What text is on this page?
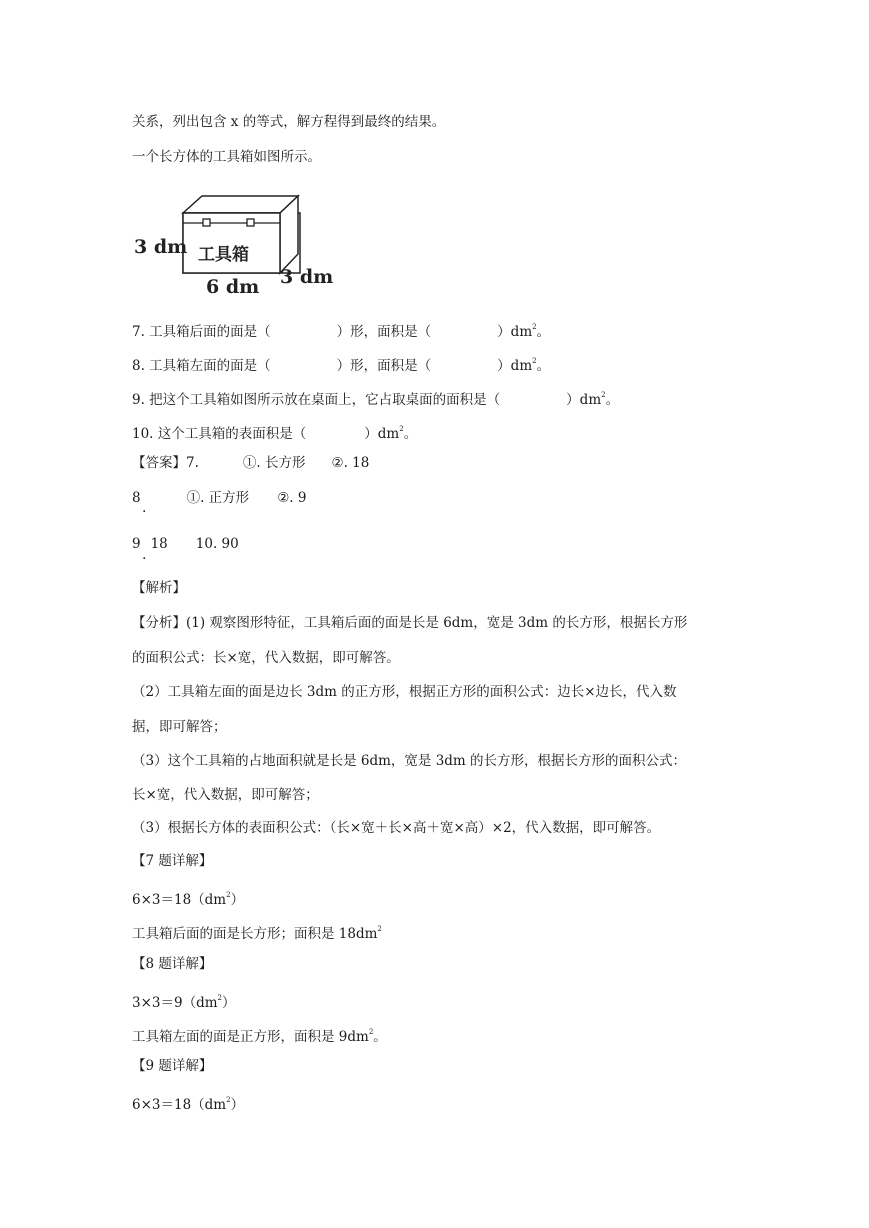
关系，列出包含 x 的等式，解方程得到最终的结果。
一个长方体的工具箱如图所示。
工具箱
3 dm
6 dm 3 dm
7. 工具箱后面的面是（	）形，面积是（	）$dm^2$。
8. 工具箱左面的面是（	）形，面积是（	）$dm^2$。
9. 把这个工具箱如图所示放在桌面上，它占取桌面的面积是（	）$dm^2$。
10. 这个工具箱的表面积是（	）$dm^2$。
【答案】7.	①. 长方形 ②. 18
8	①. 正方形 ②. 9
.
9 18 10. 90
.
【解析】
【分析】(1) 观察图形特征，工具箱后面的面是长是 6dm，宽是 3dm 的长方形，根据长方形
的面积公式：长×宽，代入数据，即可解答。
（2）工具箱左面的面是边长 3dm 的正方形，根据正方形的面积公式：边长×边长，代入数
据，即可解答；
（3）这个工具箱的占地面积就是长是 6dm，宽是 3dm 的长方形，根据长方形的面积公式：
长×宽，代入数据，即可解答；
（3）根据长方体的表面积公式：（长×宽＋长×高＋宽×高）×2，代入数据，即可解答。
【7 题详解】
$6\times 3=18(dm^2)$
工具箱后面的面是长方形；面积是 $18dm^2$
【8 题详解】
$3\times 3=9(dm^2)$
工具箱左面的面是正方形，面积是 $9dm^2$。
【9 题详解】
$6\times 3=18(dm^2)$
